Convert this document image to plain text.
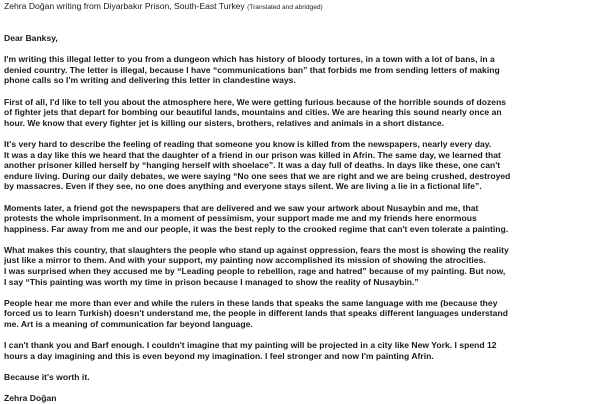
Zehra Doğan writing from Diyarbakır Prison, South-East Turkey (Translated and abridged)

Dear Banksy,

I'm writing this illegal letter to you from a dungeon which has history of bloody tortures, in a town with a lot of bans, in a
denied country. The letter is illegal, because I have “communications ban” that forbids me from sending letters of making
phone calls so I'm writing and delivering this letter in clandestine ways.

First of all, I'd like to tell you about the atmosphere here, We were getting furious because of the horrible sounds of dozens
of fighter jets that depart for bombing our beautiful lands, mountains and cities. We are hearing this sound nearly once an
hour. We know that every fighter jet is killing our sisters, brothers, relatives and animals in a short distance.

It's very hard to describe the feeling of reading that someone you know is killed from the newspapers, nearly every day.
It was a day like this we heard that the daughter of a friend in our prison was killed in Afrin. The same day, we learned that
another prisoner killed herself by “hanging herself with shoelace”. It was a day full of deaths. In days like these, one can't
endure living. During our daily debates, we were saying “No one sees that we are right and we are being crushed, destroyed
by massacres. Even if they see, no one does anything and everyone stays silent. We are living a lie in a fictional life”.

Moments later, a friend got the newspapers that are delivered and we saw your artwork about Nusaybin and me, that
protests the whole imprisonment. In a moment of pessimism, your support made me and my friends here enormous
happiness. Far away from me and our people, it was the best reply to the crooked regime that can't even tolerate a painting.

What makes this country, that slaughters the people who stand up against oppression, fears the most is showing the reality
just like a mirror to them. And with your support, my painting now accomplished its mission of showing the atrocities.
I was surprised when they accused me by “Leading people to rebellion, rage and hatred” because of my painting. But now,
I say “This painting was worth my time in prison because I managed to show the reality of Nusaybin.”

People hear me more than ever and while the rulers in these lands that speaks the same language with me (because they
forced us to learn Turkish) doesn't understand me, the people in different lands that speaks different languages understand
me. Art is a meaning of communication far beyond language.

I can't thank you and Barf enough. I couldn't imagine that my painting will be projected in a city like New York. I spend 12
hours a day imagining and this is even beyond my imagination. I feel stronger and now I'm painting Afrin.

Because it's worth it.

Zehra Doğan
